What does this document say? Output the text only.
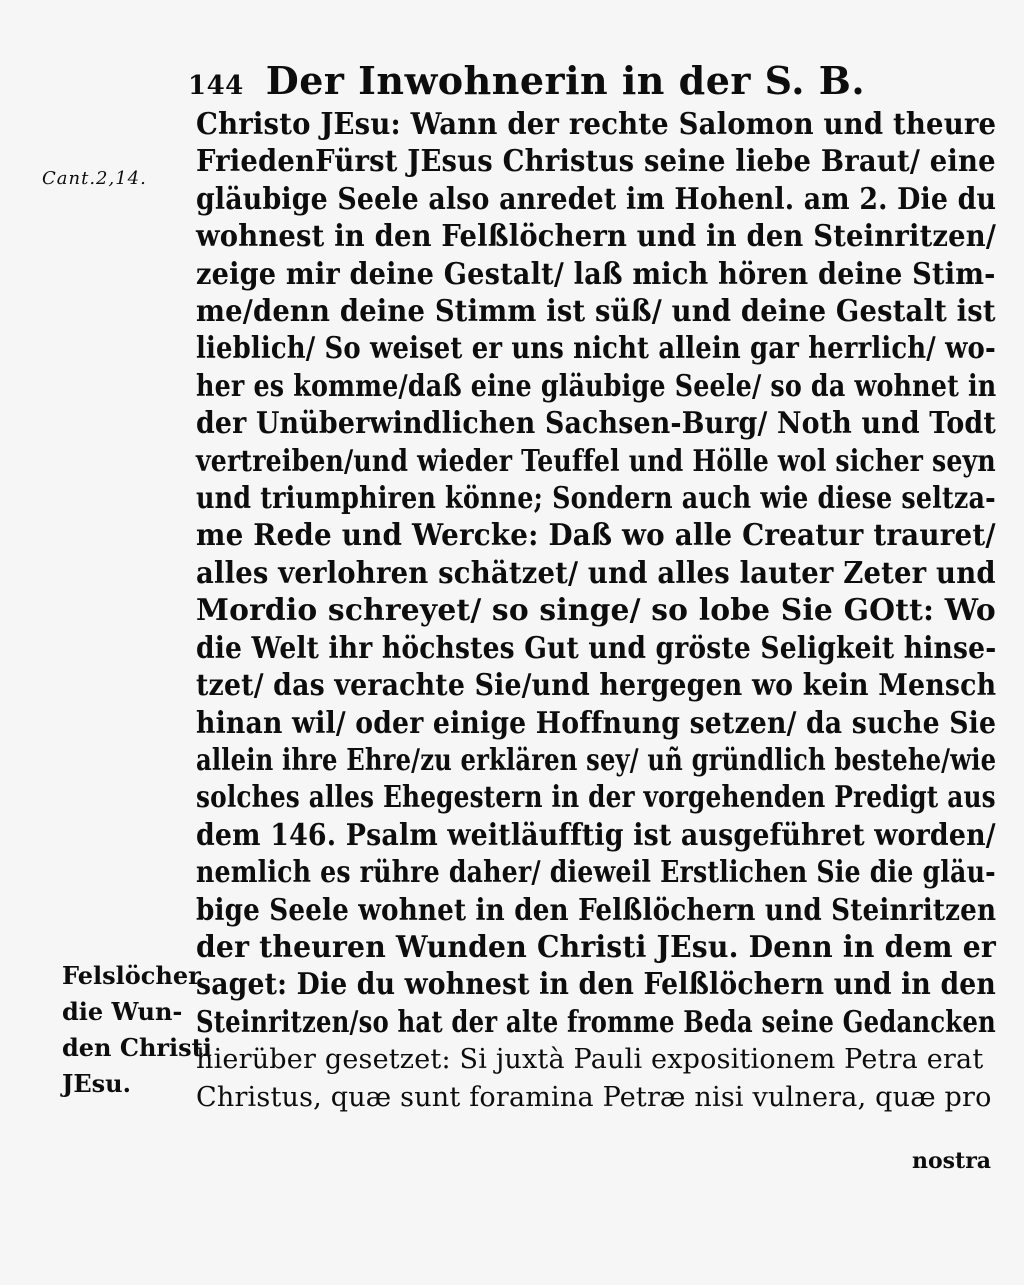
144 Der Inwohnerin in der S. B.
Cant.2,14.
Christo JEsu: Wann der rechte Salomon und theure
FriedenFürst JEsus Christus seine liebe Braut/ eine
gläubige Seele also anredet im Hohenl. am 2. Die du
wohnest in den Felßlöchern und in den Steinritzen/
zeige mir deine Gestalt/ laß mich hören deine Stim-
me/denn deine Stimm ist süß/ und deine Gestalt ist
lieblich/ So weiset er uns nicht allein gar herrlich/ wo-
her es komme/daß eine gläubige Seele/ so da wohnet in
der Unüberwindlichen Sachsen-Burg/ Noth und Todt
vertreiben/und wieder Teuffel und Hölle wol sicher seyn
und triumphiren könne; Sondern auch wie diese seltza-
me Rede und Wercke: Daß wo alle Creatur trauret/
alles verlohren schätzet/ und alles lauter Zeter und
Mordio schreyet/ so singe/ so lobe Sie GOtt: Wo
die Welt ihr höchstes Gut und gröste Seligkeit hinse-
tzet/ das verachte Sie/und hergegen wo kein Mensch
hinan wil/ oder einige Hoffnung setzen/ da suche Sie
allein ihre Ehre/zu erklären sey/ uñ gründlich bestehe/wie
solches alles Ehegestern in der vorgehenden Predigt aus
dem 146. Psalm weitläufftig ist ausgeführet worden/
nemlich es rühre daher/ dieweil Erstlichen Sie die gläu-
bige Seele wohnet in den Felßlöchern und Steinritzen
der theuren Wunden Christi JEsu. Denn in dem er
saget: Die du wohnest in den Felßlöchern und in den
Steinritzen/so hat der alte fromme Beda seine Gedancken
hierüber gesetzet: Si juxtà Pauli expositionem Petra erat
Christus, quæ sunt foramina Petræ nisi vulnera, quæ pro
Felslöcher
die Wun-
den Christi
JEsu.
nostra
